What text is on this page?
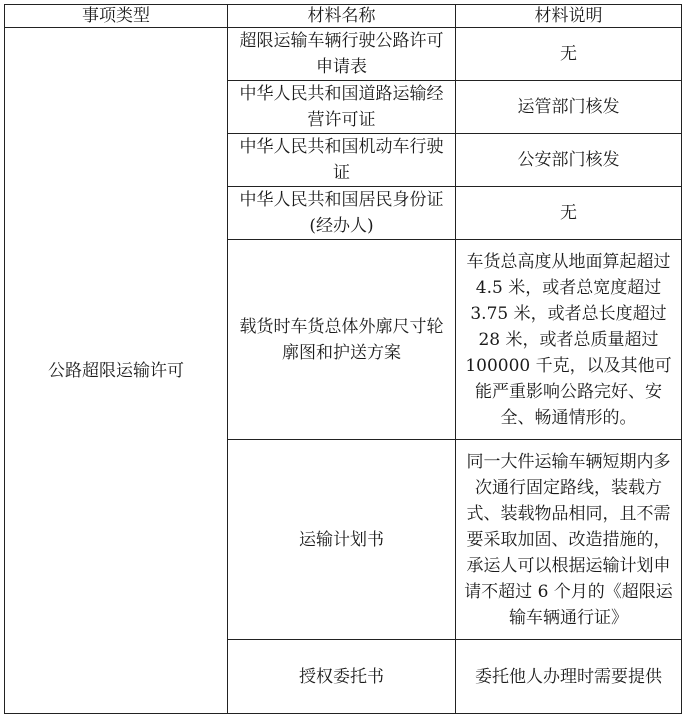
事项类型	材料名称	材料说明
公路超限运输许可	超限运输车辆行驶公路许可申请表	无
	中华人民共和国道路运输经营许可证	运管部门核发
	中华人民共和国机动车行驶证	公安部门核发
	中华人民共和国居民身份证(经办人)	无
	载货时车货总体外廓尺寸轮廓图和护送方案	车货总高度从地面算起超过 4.5 米，或者总宽度超过 3.75 米，或者总长度超过 28 米，或者总质量超过 100000 千克，以及其他可能严重影响公路完好、安全、畅通情形的。
	运输计划书	同一大件运输车辆短期内多次通行固定路线，装载方式、装载物品相同，且不需要采取加固、改造措施的，承运人可以根据运输计划申请不超过 6 个月的《超限运输车辆通行证》
	授权委托书	委托他人办理时需要提供
